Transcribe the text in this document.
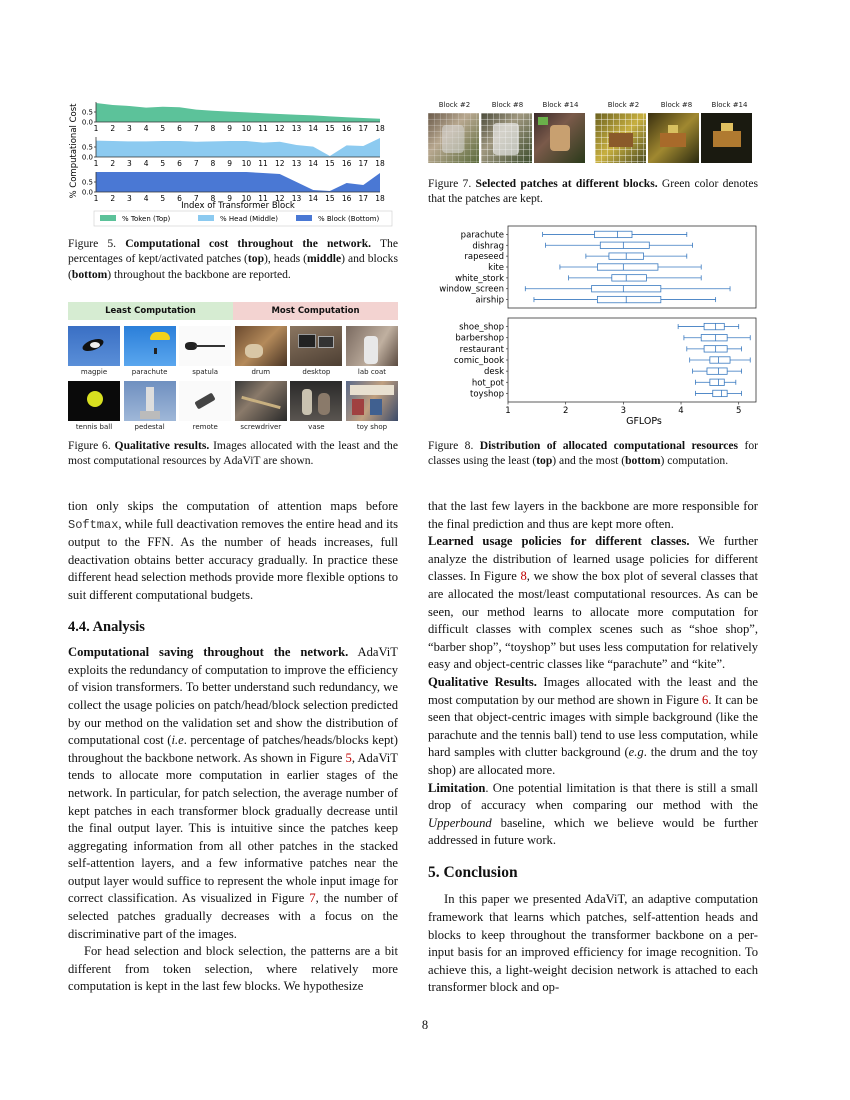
% Computational Cost 0.5
0.0
1 2 3 4 5 6 7 8 9 10 11 12 13 14 15 16 17 18
0.5
0.0
1 2 3 4 5 6 7 8 9 10 11 12 13 14 15 16 17 18
0.5
0.0
1 2 3 4 5 6 7 8 9 10 11 12 13 14 15 16 17 18
Index of Transformer Block
% Token (Top)	% Head (Middle)	% Block (Bottom)
Figure 5. Computational cost throughout the network. The percentages of kept/activated patches (top), heads (middle) and blocks (bottom) throughout the backbone are reported.
Least Computation	Most Computation
magpie	parachute	spatula	drum	desktop	lab coat
tennis ball	pedestal	remote	screwdriver	vase	toy shop
Figure 6. Qualitative results. Images allocated with the least and the most computational resources by AdaViT are shown.
Block #2	Block #8	Block #14	Block #2	Block #8	Block #14
Figure 7. Selected patches at different blocks. Green color denotes that the patches are kept.
parachute
dishrag
rapeseed
kite
white_stork
window_screen
airship
shoe_shop
barbershop
restaurant
comic_book
desk
hot_pot
toyshop
1	2	3	4	5
GFLOPs
Figure 8. Distribution of allocated computational resources for classes using the least (top) and the most (bottom) computation.

tion only skips the computation of attention maps before Softmax, while full deactivation removes the entire head and its output to the FFN. As the number of heads increases, full deactivation obtains better accuracy gradually. In practice these different head selection methods provide more flexible options to suit different computational budgets.

4.4. Analysis

Computational saving throughout the network. AdaViT exploits the redundancy of computation to improve the efficiency of vision transformers. To better understand such redundancy, we collect the usage policies on patch/head/block selection predicted by our method on the validation set and show the distribution of computational cost (i.e. percentage of patches/heads/blocks kept) throughout the backbone network. As shown in Figure 5, AdaViT tends to allocate more computation in earlier stages of the network. In particular, for patch selection, the average number of kept patches in each transformer block gradually decrease until the final output layer. This is intuitive since the patches keep aggregating information from all other patches in the stacked self-attention layers, and a few informative patches near the output layer would suffice to represent the whole input image for correct classification. As visualized in Figure 7, the number of selected patches gradually decreases with a focus on the discriminative part of the images.

For head selection and block selection, the patterns are a bit different from token selection, where relatively more computation is kept in the last few blocks. We hypothesize

that the last few layers in the backbone are more responsible for the final prediction and thus are kept more often.

Learned usage policies for different classes. We further analyze the distribution of learned usage policies for different classes. In Figure 8, we show the box plot of several classes that are allocated the most/least computational resources. As can be seen, our method learns to allocate more computation for difficult classes with complex scenes such as “shoe shop”, “barber shop”, “toyshop” but uses less computation for relatively easy and object-centric classes like “parachute” and “kite”.

Qualitative Results. Images allocated with the least and the most computation by our method are shown in Figure 6. It can be seen that object-centric images with simple background (like the parachute and the tennis ball) tend to use less computation, while hard samples with clutter background (e.g. the drum and the toy shop) are allocated more.

Limitation. One potential limitation is that there is still a small drop of accuracy when comparing our method with the Upperbound baseline, which we believe would be further addressed in future work.

5. Conclusion

In this paper we presented AdaViT, an adaptive computation framework that learns which patches, self-attention heads and blocks to keep throughout the transformer backbone on a per-input basis for an improved efficiency for image recognition. To achieve this, a light-weight decision network is attached to each transformer block and op-

8
